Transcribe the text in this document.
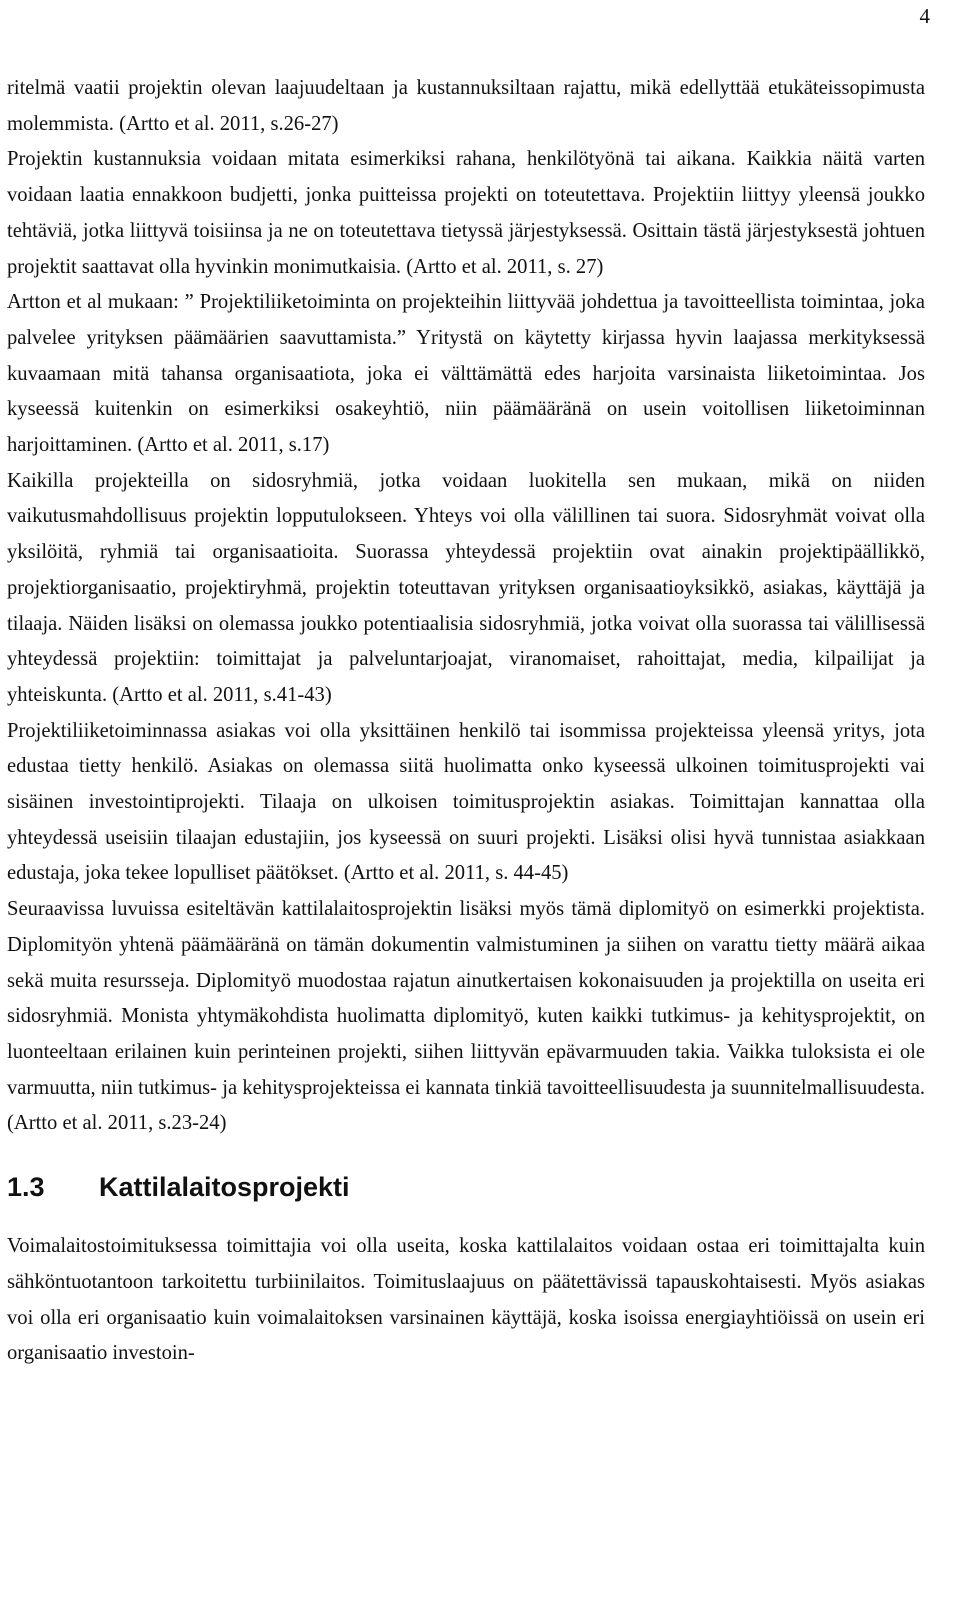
4

ritelmä vaatii projektin olevan laajuudeltaan ja kustannuksiltaan rajattu, mikä edellyttää etukäteissopimusta molemmista. (Artto et al. 2011, s.26-27)

Projektin kustannuksia voidaan mitata esimerkiksi rahana, henkilötyönä tai aikana. Kaikkia näitä varten voidaan laatia ennakkoon budjetti, jonka puitteissa projekti on toteutettava. Projektiin liittyy yleensä joukko tehtäviä, jotka liittyvä toisiinsa ja ne on toteutettava tietyssä järjestyksessä. Osittain tästä järjestyksestä johtuen projektit saattavat olla hyvinkin monimutkaisia. (Artto et al. 2011, s. 27)

Artton et al mukaan: ” Projektiliiketoiminta on projekteihin liittyvää johdettua ja tavoitteellista toimintaa, joka palvelee yrityksen päämäärien saavuttamista.” Yritystä on käytetty kirjassa hyvin laajassa merkityksessä kuvaamaan mitä tahansa organisaatiota, joka ei välttämättä edes harjoita varsinaista liiketoimintaa. Jos kyseessä kuitenkin on esimerkiksi osakeyhtiö, niin päämääränä on usein voitollisen liiketoiminnan harjoittaminen. (Artto et al. 2011, s.17)

Kaikilla projekteilla on sidosryhmiä, jotka voidaan luokitella sen mukaan, mikä on niiden vaikutusmahdollisuus projektin lopputulokseen. Yhteys voi olla välillinen tai suora. Sidosryhmät voivat olla yksilöitä, ryhmiä tai organisaatioita. Suorassa yhteydessä projektiin ovat ainakin projektipäällikkö, projektiorganisaatio, projektiryhmä, projektin toteuttavan yrityksen organisaatioyksikkö, asiakas, käyttäjä ja tilaaja. Näiden lisäksi on olemassa joukko potentiaalisia sidosryhmiä, jotka voivat olla suorassa tai välillisessä yhteydessä projektiin: toimittajat ja palveluntarjoajat, viranomaiset, rahoittajat, media, kilpailijat ja yhteiskunta. (Artto et al. 2011, s.41-43)

Projektiliiketoiminnassa asiakas voi olla yksittäinen henkilö tai isommissa projekteissa yleensä yritys, jota edustaa tietty henkilö. Asiakas on olemassa siitä huolimatta onko kyseessä ulkoinen toimitusprojekti vai sisäinen investointiprojekti. Tilaaja on ulkoisen toimitusprojektin asiakas. Toimittajan kannattaa olla yhteydessä useisiin tilaajan edustajiin, jos kyseessä on suuri projekti. Lisäksi olisi hyvä tunnistaa asiakkaan edustaja, joka tekee lopulliset päätökset. (Artto et al. 2011, s. 44-45)

Seuraavissa luvuissa esiteltävän kattilalaitosprojektin lisäksi myös tämä diplomityö on esimerkki projektista. Diplomityön yhtenä päämääränä on tämän dokumentin valmistuminen ja siihen on varattu tietty määrä aikaa sekä muita resursseja. Diplomityö muodostaa rajatun ainutkertaisen kokonaisuuden ja projektilla on useita eri sidosryhmiä. Monista yhtymäkohdista huolimatta diplomityö, kuten kaikki tutkimus- ja kehitysprojektit, on luonteeltaan erilainen kuin perinteinen projekti, siihen liittyvän epävarmuuden takia. Vaikka tuloksista ei ole varmuutta, niin tutkimus- ja kehitysprojekteissa ei kannata tinkiä tavoitteellisuudesta ja suunnitelmallisuudesta. (Artto et al. 2011, s.23-24)

1.3	Kattilalaitosprojekti

Voimalaitostoimituksessa toimittajia voi olla useita, koska kattilalaitos voidaan ostaa eri toimittajalta kuin sähköntuotantoon tarkoitettu turbiinilaitos. Toimituslaajuus on päätettävissä tapauskohtaisesti. Myös asiakas voi olla eri organisaatio kuin voimalaitoksen varsinainen käyttäjä, koska isoissa energiayhtiöissä on usein eri organisaatio investoin-
